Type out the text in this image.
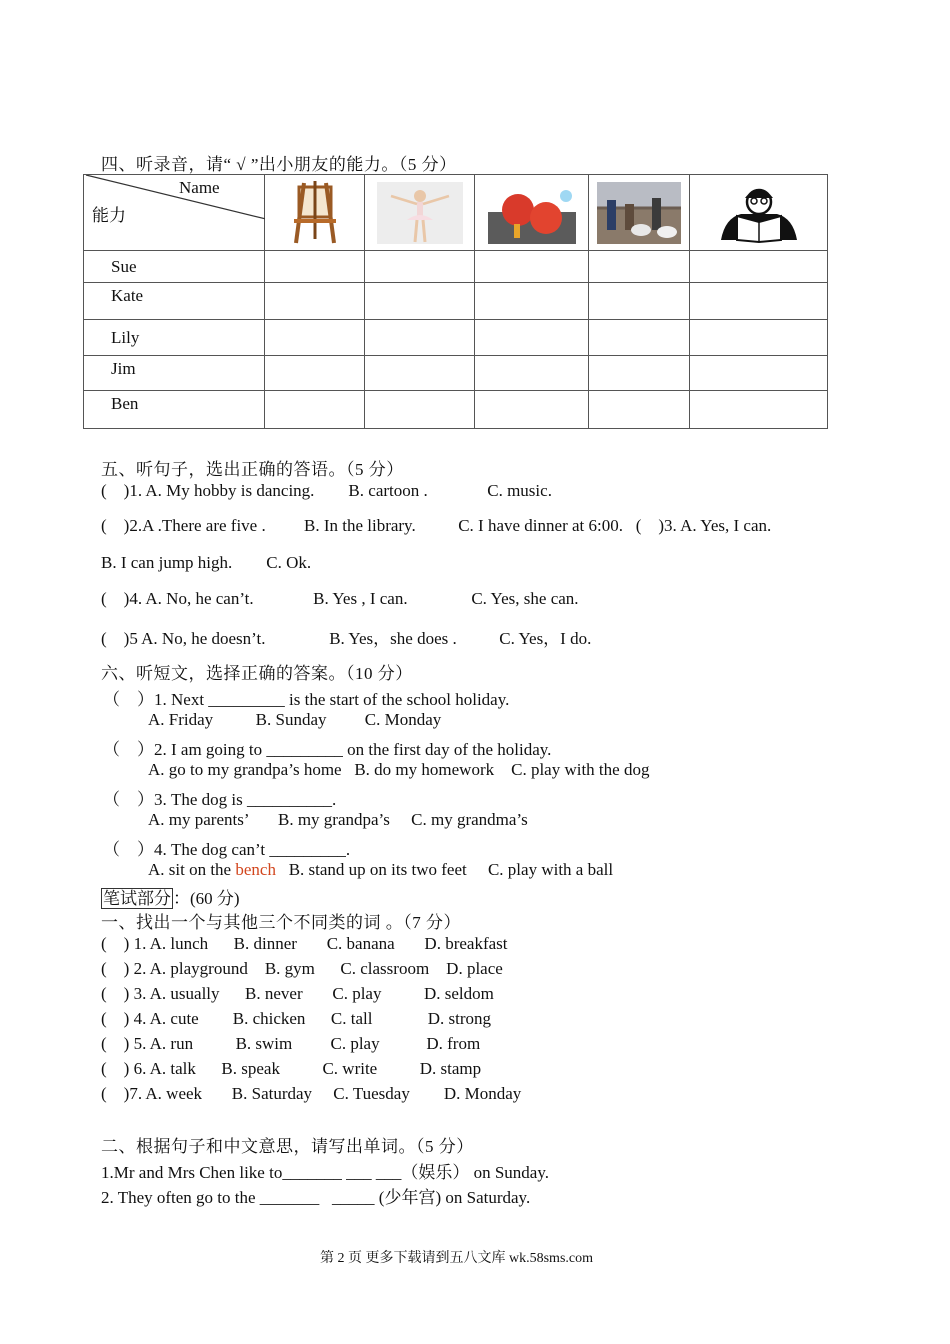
四、听录音，请“ √ ”出小朋友的能力。（5 分）
Name
能力

Sue					
Kate					
Lily					
Jim					
Ben					
五、听句子，选出正确的答语。（5 分）
(    )1. A. My hobby is dancing.        B. cartoon .              C. music.
(    )2.A .There are five .         B. In the library.          C. I have dinner at 6:00.   (    )3. A. Yes, I can.
B. I can jump high.        C. Ok.
(    )4. A. No, he can’t.              B. Yes , I can.               C. Yes, she can.
(    )5 A. No, he doesn’t.               B. Yes，she does .          C. Yes，I do.
六、听短文，选择正确的答案。（10 分）
（    ）1. Next _________ is the start of the school holiday.
A. Friday          B. Sunday         C. Monday
（    ）2. I am going to _________ on the first day of the holiday.
A. go to my grandpa’s home   B. do my homework    C. play with the dog
（    ）3. The dog is __________.
A. my parents’       B. my grandpa’s     C. my grandma’s
（    ）4. The dog can’t _________.
A. sit on the bench   B. stand up on its two feet     C. play with a ball
笔试部分 ：(60 分)
一、找出一个与其他三个不同类的词 。（7 分）
(    ) 1. A. lunch      B. dinner       C. banana       D. breakfast
(    ) 2. A. playground    B. gym      C. classroom    D. place
(    ) 3. A. usually      B. never       C. play          D. seldom
(    ) 4. A. cute        B. chicken      C. tall             D. strong
(    ) 5. A. run          B. swim         C. play           D. from
(    ) 6. A. talk      B. speak          C. write          D. stamp
(    )7. A. week       B. Saturday     C. Tuesday        D. Monday
二、根据句子和中文意思，请写出单词。（5 分）
1.Mr and Mrs Chen like to_______ ___ ___（娱乐） on Sunday.
2. They often go to the _______   _____ (少年宫) on Saturday.
第 2 页 更多下载请到五八文库 wk.58sms.com
